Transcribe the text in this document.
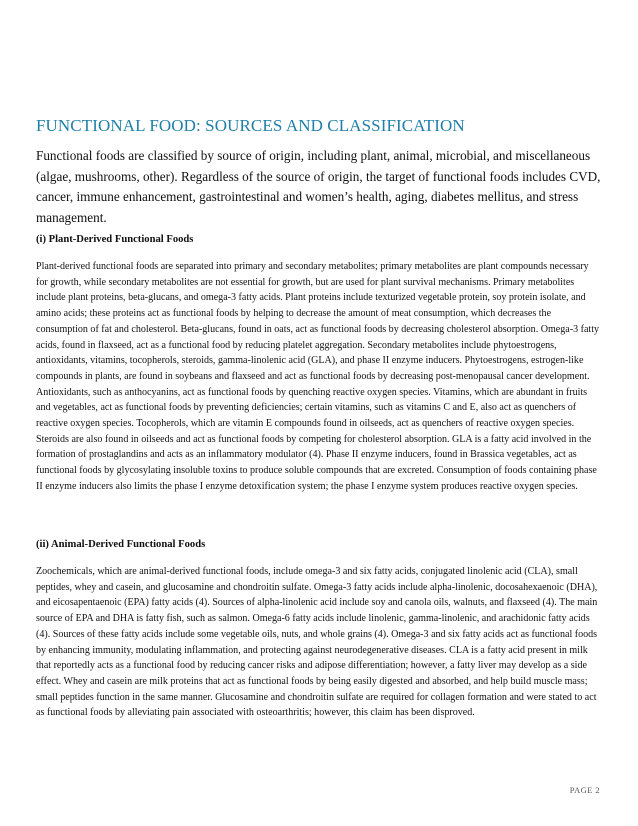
FUNCTIONAL FOOD: SOURCES AND CLASSIFICATION

Functional foods are classified by source of origin, including plant, animal, microbial, and miscellaneous (algae, mushrooms, other). Regardless of the source of origin, the target of functional foods includes CVD, cancer, immune enhancement, gastrointestinal and women’s health, aging, diabetes mellitus, and stress management.

(i) Plant-Derived Functional Foods

Plant-derived functional foods are separated into primary and secondary metabolites; primary metabolites are plant compounds necessary for growth, while secondary metabolites are not essential for growth, but are used for plant survival mechanisms. Primary metabolites include plant proteins, beta-glucans, and omega-3 fatty acids. Plant proteins include texturized vegetable protein, soy protein isolate, and amino acids; these proteins act as functional foods by helping to decrease the amount of meat consumption, which decreases the consumption of fat and cholesterol. Beta-glucans, found in oats, act as functional foods by decreasing cholesterol absorption. Omega-3 fatty acids, found in flaxseed, act as a functional food by reducing platelet aggregation. Secondary metabolites include phytoestrogens, antioxidants, vitamins, tocopherols, steroids, gamma-linolenic acid (GLA), and phase II enzyme inducers. Phytoestrogens, estrogen-like compounds in plants, are found in soybeans and flaxseed and act as functional foods by decreasing post-menopausal cancer development. Antioxidants, such as anthocyanins, act as functional foods by quenching reactive oxygen species. Vitamins, which are abundant in fruits and vegetables, act as functional foods by preventing deficiencies; certain vitamins, such as vitamins C and E, also act as quenchers of reactive oxygen species. Tocopherols, which are vitamin E compounds found in oilseeds, act as quenchers of reactive oxygen species. Steroids are also found in oilseeds and act as functional foods by competing for cholesterol absorption. GLA is a fatty acid involved in the formation of prostaglandins and acts as an inflammatory modulator (4). Phase II enzyme inducers, found in Brassica vegetables, act as functional foods by glycosylating insoluble toxins to produce soluble compounds that are excreted. Consumption of foods containing phase II enzyme inducers also limits the phase I enzyme detoxification system; the phase I enzyme system produces reactive oxygen species.

(ii) Animal-Derived Functional Foods

Zoochemicals, which are animal-derived functional foods, include omega-3 and six fatty acids, conjugated linolenic acid (CLA), small peptides, whey and casein, and glucosamine and chondroitin sulfate. Omega-3 fatty acids include alpha-linolenic, docosahexaenoic (DHA), and eicosapentaenoic (EPA) fatty acids (4). Sources of alpha-linolenic acid include soy and canola oils, walnuts, and flaxseed (4). The main source of EPA and DHA is fatty fish, such as salmon. Omega-6 fatty acids include linolenic, gamma-linolenic, and arachidonic fatty acids (4). Sources of these fatty acids include some vegetable oils, nuts, and whole grains (4). Omega-3 and six fatty acids act as functional foods by enhancing immunity, modulating inflammation, and protecting against neurodegenerative diseases. CLA is a fatty acid present in milk that reportedly acts as a functional food by reducing cancer risks and adipose differentiation; however, a fatty liver may develop as a side effect. Whey and casein are milk proteins that act as functional foods by being easily digested and absorbed, and help build muscle mass; small peptides function in the same manner. Glucosamine and chondroitin sulfate are required for collagen formation and were stated to act as functional foods by alleviating pain associated with osteoarthritis; however, this claim has been disproved.

PAGE 2
